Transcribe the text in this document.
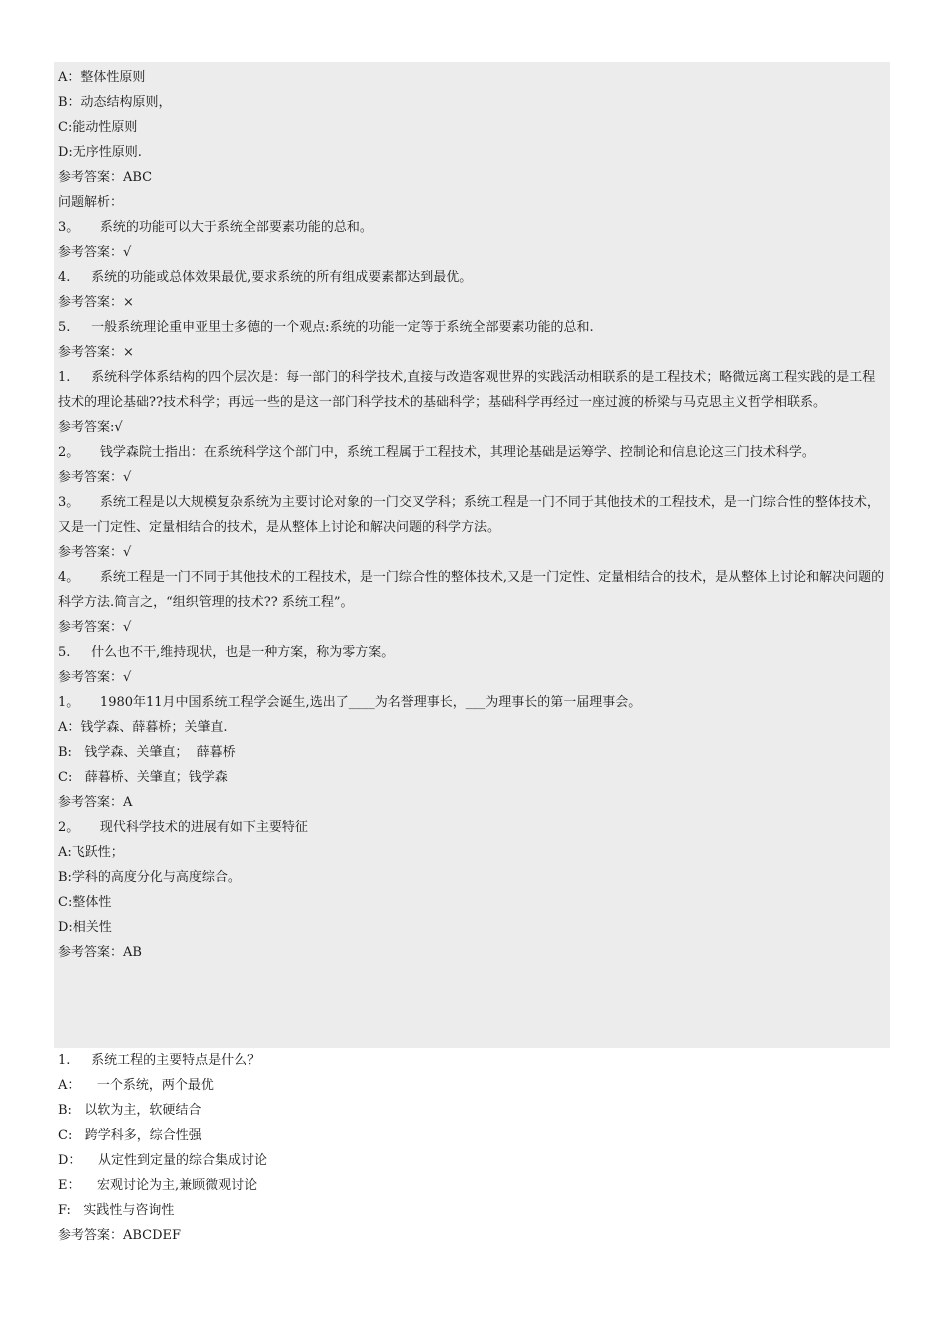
A：整体性原则
B：动态结构原则，
C:能动性原则
D:无序性原则.
参考答案：ABC
问题解析：
3。     系统的功能可以大于系统全部要素功能的总和。
参考答案：√
4.     系统的功能或总体效果最优,要求系统的所有组成要素都达到最优。
参考答案：×
5.     一般系统理论重申亚里士多德的一个观点:系统的功能一定等于系统全部要素功能的总和.
参考答案：×
1.     系统科学体系结构的四个层次是：每一部门的科学技术,直接与改造客观世界的实践活动相联系的是工程技术；略微远离工程实践的是工程技术的理论基础??技术科学；再远一些的是这一部门科学技术的基础科学；基础科学再经过一座过渡的桥梁与马克思主义哲学相联系。
参考答案:√
2。     钱学森院士指出：在系统科学这个部门中，系统工程属于工程技术，其理论基础是运筹学、控制论和信息论这三门技术科学。
参考答案：√
3。     系统工程是以大规模复杂系统为主要讨论对象的一门交叉学科；系统工程是一门不同于其他技术的工程技术，是一门综合性的整体技术，又是一门定性、定量相结合的技术，是从整体上讨论和解决问题的科学方法。
参考答案：√
4。     系统工程是一门不同于其他技术的工程技术，是一门综合性的整体技术,又是一门定性、定量相结合的技术，是从整体上讨论和解决问题的科学方法.简言之，“组织管理的技术?? 系统工程”。
参考答案：√
5.     什么也不干,维持现状，也是一种方案，称为零方案。
参考答案：√
1。     1980年11月中国系统工程学会诞生,选出了____为名誉理事长，___为理事长的第一届理事会。
A：钱学森、薛暮桥；关肇直.
B:   钱学森、关肇直；  薛暮桥
C:   薛暮桥、关肇直；钱学森
参考答案：A
2。     现代科学技术的进展有如下主要特征
A:飞跃性；
B:学科的高度分化与高度综合。
C:整体性
D:相关性
参考答案：AB
1.     系统工程的主要特点是什么？
A：    一个系统，两个最优
B:   以软为主，软硬结合
C:   跨学科多，综合性强
D：    从定性到定量的综合集成讨论
E：    宏观讨论为主,兼顾微观讨论
F:   实践性与咨询性
参考答案：ABCDEF
